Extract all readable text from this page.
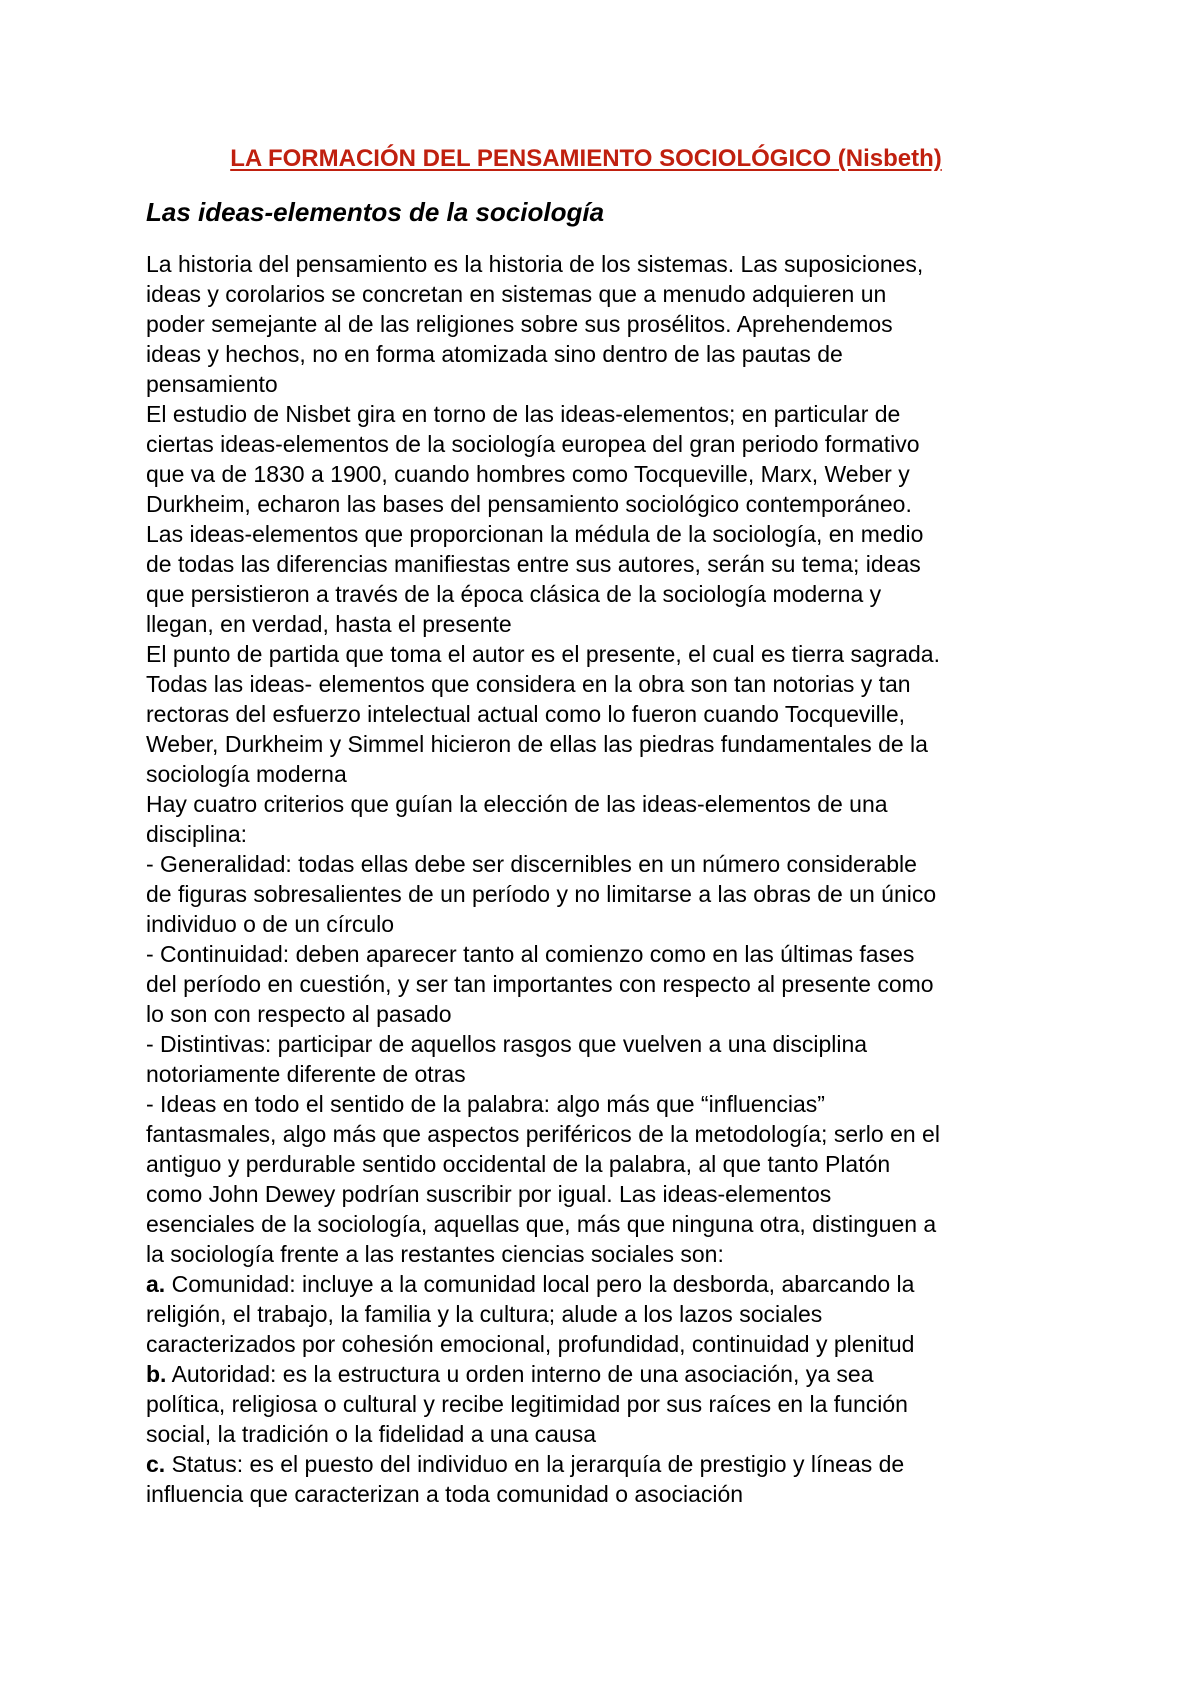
LA FORMACIÓN DEL PENSAMIENTO SOCIOLÓGICO (Nisbeth)
Las ideas-elementos de la sociología
La historia del pensamiento es la historia de los sistemas. Las suposiciones,
ideas y corolarios se concretan en sistemas que a menudo adquieren un
poder semejante al de las religiones sobre sus prosélitos. Aprehendemos
ideas y hechos, no en forma atomizada sino dentro de las pautas de
pensamiento
El estudio de Nisbet gira en torno de las ideas-elementos; en particular de
ciertas ideas-elementos de la sociología europea del gran periodo formativo
que va de 1830 a 1900, cuando hombres como Tocqueville, Marx, Weber y
Durkheim, echaron las bases del pensamiento sociológico contemporáneo.
Las ideas-elementos que proporcionan la médula de la sociología, en medio
de todas las diferencias manifiestas entre sus autores, serán su tema; ideas
que persistieron a través de la época clásica de la sociología moderna y
llegan, en verdad, hasta el presente
El punto de partida que toma el autor es el presente, el cual es tierra sagrada.
Todas las ideas- elementos que considera en la obra son tan notorias y tan
rectoras del esfuerzo intelectual actual como lo fueron cuando Tocqueville,
Weber, Durkheim y Simmel hicieron de ellas las piedras fundamentales de la
sociología moderna
Hay cuatro criterios que guían la elección de las ideas-elementos de una
disciplina:
- Generalidad: todas ellas debe ser discernibles en un número considerable
de figuras sobresalientes de un período y no limitarse a las obras de un único
individuo o de un círculo
- Continuidad: deben aparecer tanto al comienzo como en las últimas fases
del período en cuestión, y ser tan importantes con respecto al presente como
lo son con respecto al pasado
- Distintivas: participar de aquellos rasgos que vuelven a una disciplina
notoriamente diferente de otras
- Ideas en todo el sentido de la palabra: algo más que “influencias”
fantasmales, algo más que aspectos periféricos de la metodología; serlo en el
antiguo y perdurable sentido occidental de la palabra, al que tanto Platón
como John Dewey podrían suscribir por igual. Las ideas-elementos
esenciales de la sociología, aquellas que, más que ninguna otra, distinguen a
la sociología frente a las restantes ciencias sociales son:
a. Comunidad: incluye a la comunidad local pero la desborda, abarcando la
religión, el trabajo, la familia y la cultura; alude a los lazos sociales
caracterizados por cohesión emocional, profundidad, continuidad y plenitud
b. Autoridad: es la estructura u orden interno de una asociación, ya sea
política, religiosa o cultural y recibe legitimidad por sus raíces en la función
social, la tradición o la fidelidad a una causa
c. Status: es el puesto del individuo en la jerarquía de prestigio y líneas de
influencia que caracterizan a toda comunidad o asociación
